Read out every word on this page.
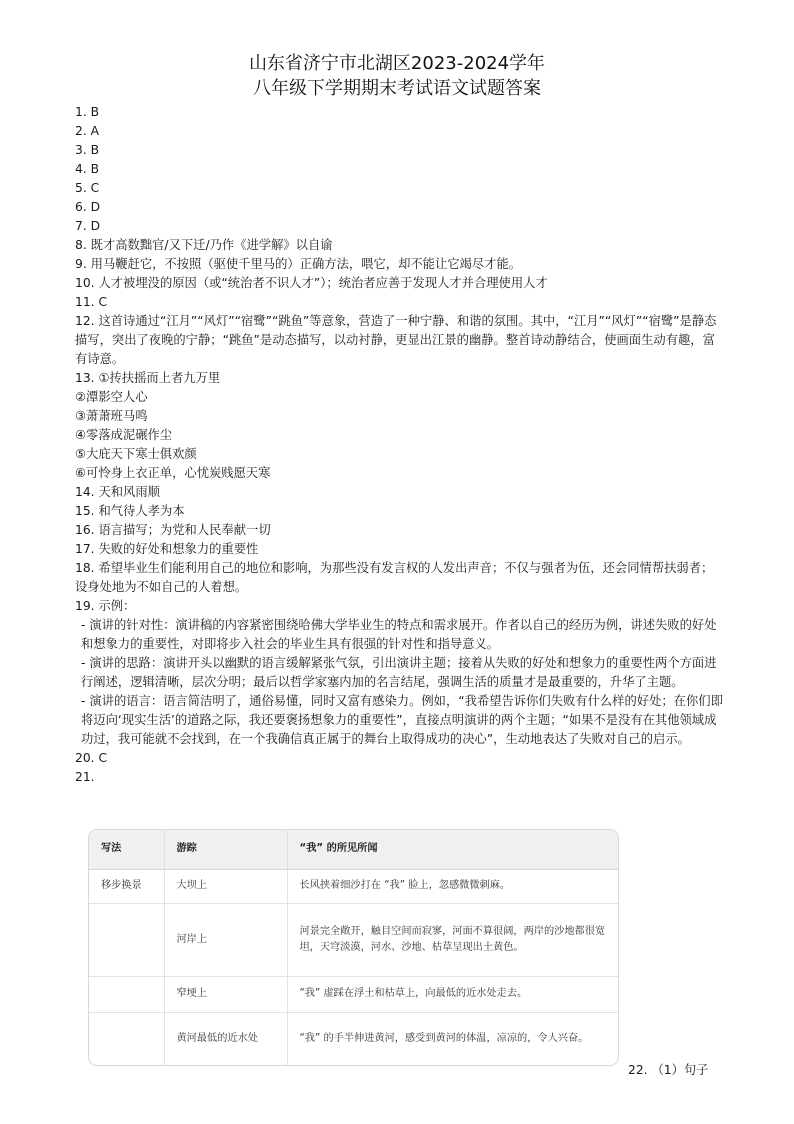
山东省济宁市北湖区2023-2024学年
八年级下学期期末考试语文试题答案
1. B
2. A
3. B
4. B
5. C
6. D
7. D
8. 既才高数黜官/又下迁/乃作《进学解》以自谕
9. 用马鞭赶它，不按照（驱使千里马的）正确方法，喂它，却不能让它竭尽才能。
10. 人才被埋没的原因（或“统治者不识人才”）；统治者应善于发现人才并合理使用人才
11. C
12. 这首诗通过“江月”“风灯”“宿鹭”“跳鱼”等意象，营造了一种宁静、和谐的氛围。其中，“江月”“风灯”“宿鹭”是静态描写，突出了夜晚的宁静；“跳鱼”是动态描写，以动衬静，更显出江景的幽静。整首诗动静结合，使画面生动有趣，富有诗意。
13. ①抟扶摇而上者九万里
②潭影空人心
③萧萧班马鸣
④零落成泥碾作尘
⑤大庇天下寒士俱欢颜
⑥可怜身上衣正单，心忧炭贱愿天寒
14. 天和风雨顺
15. 和气待人孝为本
16. 语言描写；为党和人民奉献一切
17. 失败的好处和想象力的重要性
18. 希望毕业生们能利用自己的地位和影响，为那些没有发言权的人发出声音；不仅与强者为伍，还会同情帮扶弱者；设身处地为不如自己的人着想。
19. 示例：
- 演讲的针对性：演讲稿的内容紧密围绕哈佛大学毕业生的特点和需求展开。作者以自己的经历为例，讲述失败的好处和想象力的重要性，对即将步入社会的毕业生具有很强的针对性和指导意义。
- 演讲的思路：演讲开头以幽默的语言缓解紧张气氛，引出演讲主题；接着从失败的好处和想象力的重要性两个方面进行阐述，逻辑清晰，层次分明；最后以哲学家塞内加的名言结尾，强调生活的质量才是最重要的，升华了主题。
- 演讲的语言：语言简洁明了，通俗易懂，同时又富有感染力。例如，“我希望告诉你们失败有什么样的好处；在你们即将迈向‘现实生活’的道路之际，我还要褒扬想象力的重要性”，直接点明演讲的两个主题；“如果不是没有在其他领域成功过，我可能就不会找到，在一个我确信真正属于的舞台上取得成功的决心”，生动地表达了失败对自己的启示。
20. C
21.
写法	游踪	“我” 的所见所闻
移步换景	大坝上	长风挟着细沙打在 “我” 脸上，忽感微微刺麻。
	河岸上	河景完全敞开，触目空间而寂寥，河面不算很阔，两岸的沙地都很宽坦，天穹淡漠，河水、沙地、枯草呈现出土黄色。
	窄埂上	“我” 虚踩在浮土和枯草上，向最低的近水处走去。
	黄河最低的近水处	“我” 的手半伸进黄河，感受到黄河的体温，凉凉的，令人兴奋。
22. （1）句子
